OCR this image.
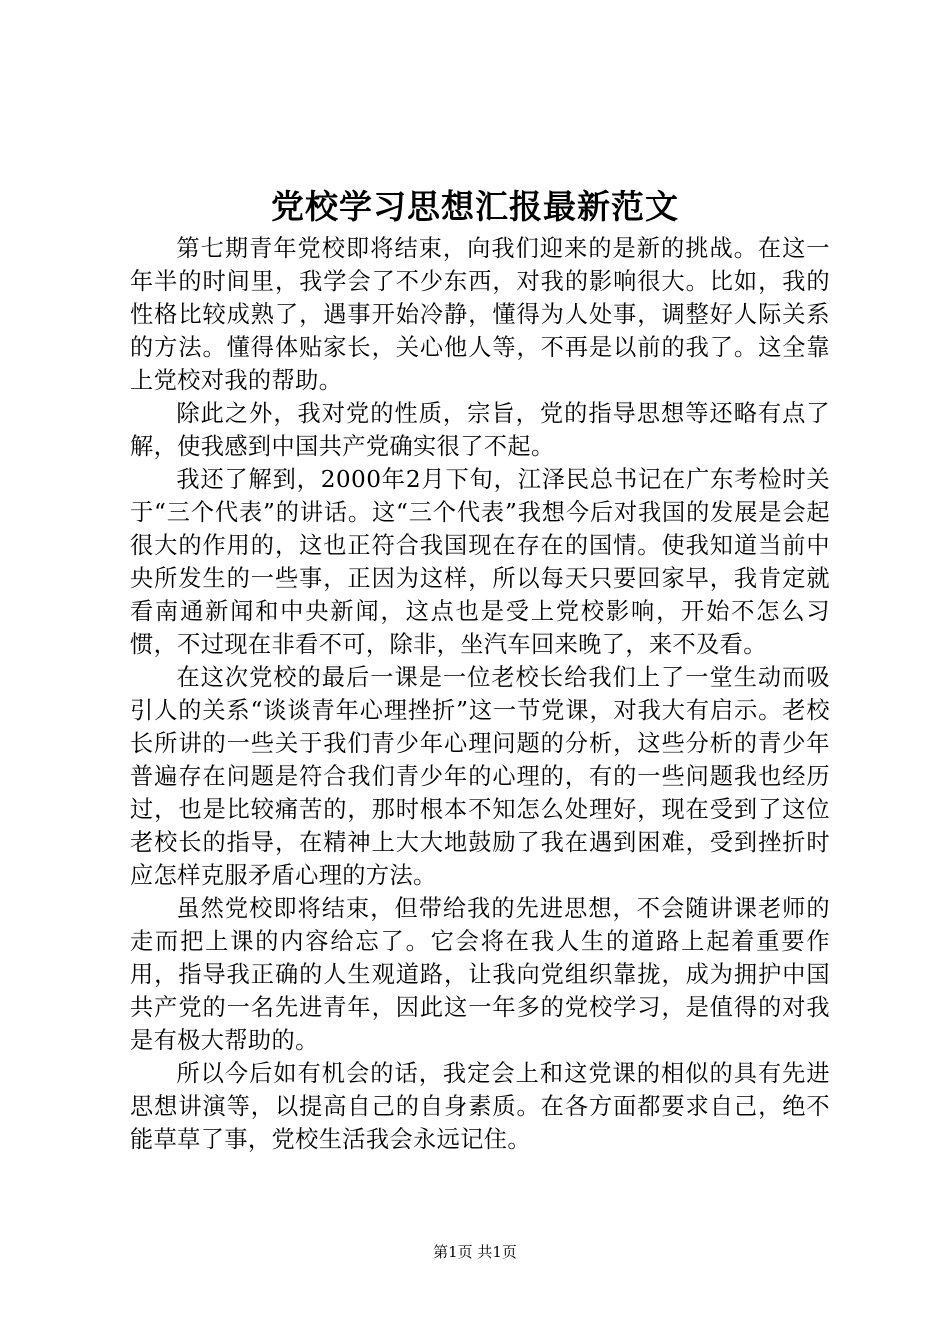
党校学习思想汇报最新范文

第七期青年党校即将结束，向我们迎来的是新的挑战。在这一年半的时间里，我学会了不少东西，对我的影响很大。比如，我的性格比较成熟了，遇事开始冷静，懂得为人处事，调整好人际关系的方法。懂得体贴家长，关心他人等，不再是以前的我了。这全靠上党校对我的帮助。

除此之外，我对党的性质，宗旨，党的指导思想等还略有点了解，使我感到中国共产党确实很了不起。

我还了解到，2000年2月下旬，江泽民总书记在广东考检时关于“三个代表”的讲话。这“三个代表”我想今后对我国的发展是会起很大的作用的，这也正符合我国现在存在的国情。使我知道当前中央所发生的一些事，正因为这样，所以每天只要回家早，我肯定就看南通新闻和中央新闻，这点也是受上党校影响，开始不怎么习惯，不过现在非看不可，除非，坐汽车回来晚了，来不及看。

在这次党校的最后一课是一位老校长给我们上了一堂生动而吸引人的关系“谈谈青年心理挫折”这一节党课，对我大有启示。老校长所讲的一些关于我们青少年心理问题的分析，这些分析的青少年普遍存在问题是符合我们青少年的心理的，有的一些问题我也经历过，也是比较痛苦的，那时根本不知怎么处理好，现在受到了这位老校长的指导，在精神上大大地鼓励了我在遇到困难，受到挫折时应怎样克服矛盾心理的方法。

虽然党校即将结束，但带给我的先进思想，不会随讲课老师的走而把上课的内容给忘了。它会将在我人生的道路上起着重要作用，指导我正确的人生观道路，让我向党组织靠拢，成为拥护中国共产党的一名先进青年，因此这一年多的党校学习，是值得的对我是有极大帮助的。

所以今后如有机会的话，我定会上和这党课的相似的具有先进思想讲演等，以提高自己的自身素质。在各方面都要求自己，绝不能草草了事，党校生活我会永远记住。

第1页 共1页
